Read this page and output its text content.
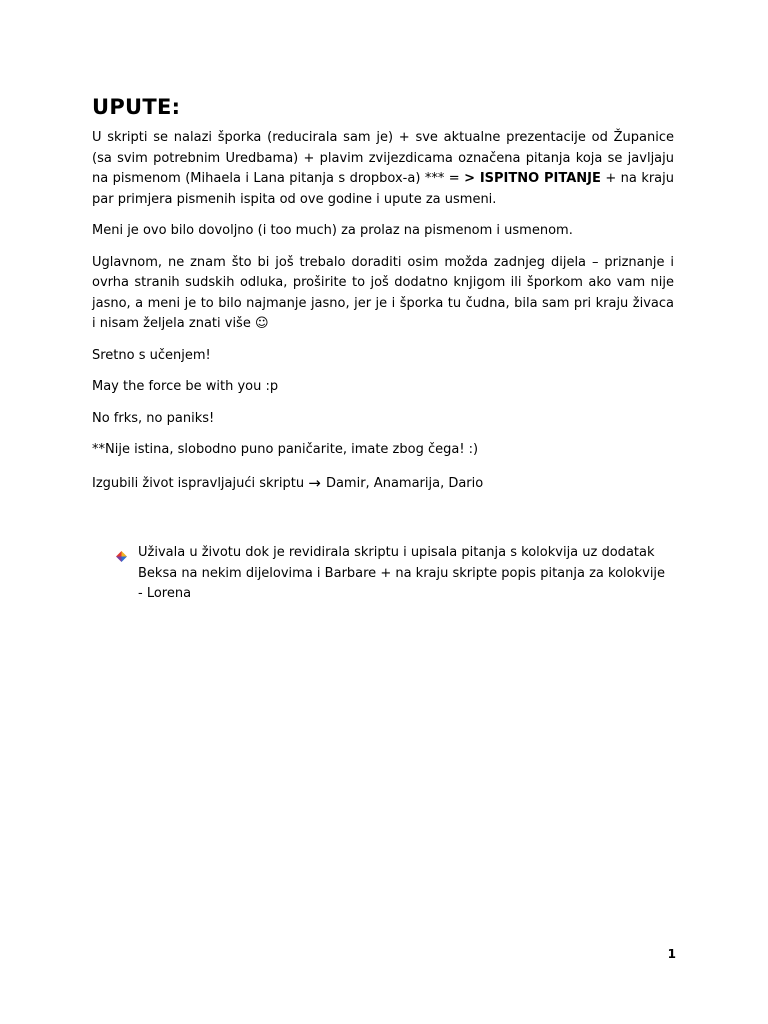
UPUTE:

U skripti se nalazi šporka (reducirala sam je) + sve aktualne prezentacije od Županice (sa svim potrebnim Uredbama) + plavim zvijezdicama označena pitanja koja se javljaju na pismenom (Mihaela i Lana pitanja s dropbox-a) *** = > ISPITNO PITANJE + na kraju par primjera pismenih ispita od ove godine i upute za usmeni.

Meni je ovo bilo dovoljno (i too much) za prolaz na pismenom i usmenom.

Uglavnom, ne znam što bi još trebalo doraditi osim možda zadnjeg dijela – priznanje i ovrha stranih sudskih odluka, proširite to još dodatno knjigom ili šporkom ako vam nije jasno, a meni je to bilo najmanje jasno, jer je i šporka tu čudna, bila sam pri kraju živaca i nisam željela znati više ☺

Sretno s učenjem!

May the force be with you :p

No frks, no paniks!

**Nije istina, slobodno puno paničarite, imate zbog čega! :)

Izgubili život ispravljajući skriptu → Damir, Anamarija, Dario

Uživala u životu dok je revidirala skriptu i upisala pitanja s kolokvija uz dodatak Beksa na nekim dijelovima i Barbare + na kraju skripte popis pitanja za kolokvije - Lorena
1
